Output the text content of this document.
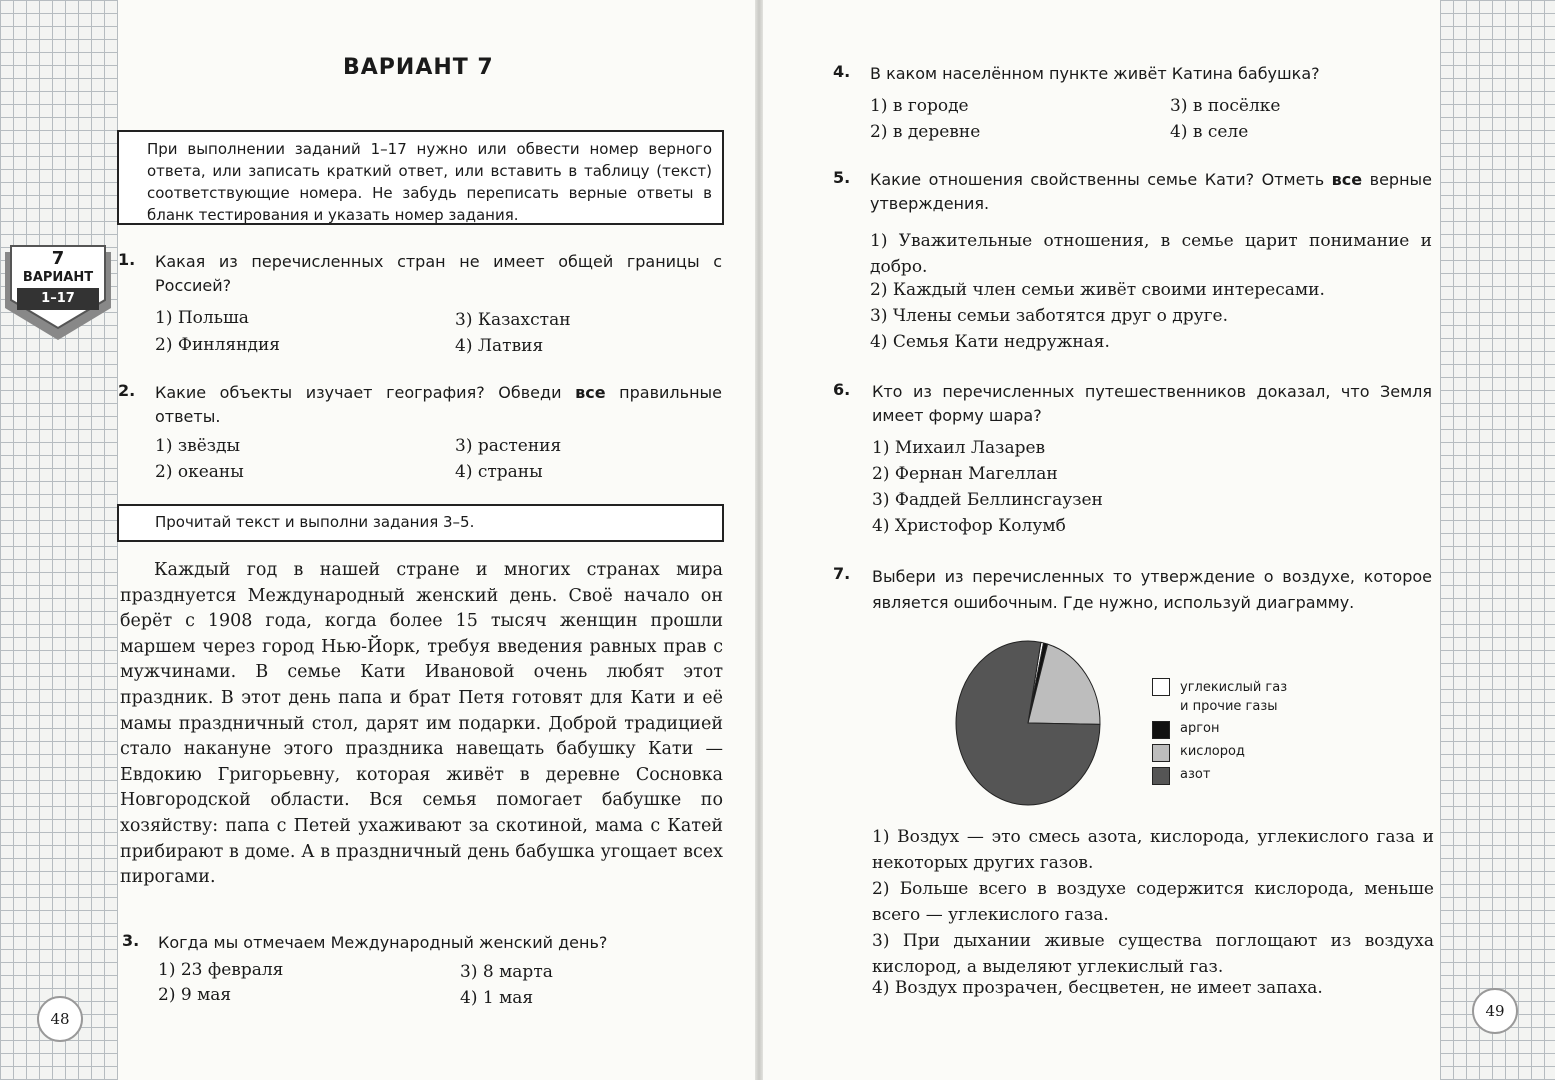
ВАРИАНТ 7
При выполнении заданий 1–17 нужно или обвести номер верного ответа, или записать краткий ответ, или вставить в таблицу (текст) соответствующие номера. Не забудь переписать верные ответы в бланк тестирования и указать номер задания.
7
ВАРИАНТ
1–17
1. Какая из перечисленных стран не имеет общей границы с Россией?
1) Польша
2) Финляндия
3) Казахстан
4) Латвия
2. Какие объекты изучает география? Обведи все правильные ответы.
1) звёзды
2) океаны
3) растения
4) страны
Прочитай текст и выполни задания 3–5.
Каждый год в нашей стране и многих странах мира празднуется Международный женский день. Своё начало он берёт с 1908 года, когда более 15 тысяч женщин прошли маршем через город Нью-Йорк, требуя введения равных прав с мужчинами. В семье Кати Ивановой очень любят этот праздник. В этот день папа и брат Петя готовят для Кати и её мамы праздничный стол, дарят им подарки. Доброй традицией стало накануне этого праздника навещать бабушку Кати — Евдокию Григорьевну, которая живёт в деревне Сосновка Новгородской области. Вся семья помогает бабушке по хозяйству: папа с Петей ухаживают за скотиной, мама с Катей прибирают в доме. А в праздничный день бабушка угощает всех пирогами.
3. Когда мы отмечаем Международный женский день?
1) 23 февраля
2) 9 мая
3) 8 марта
4) 1 мая
48
4. В каком населённом пункте живёт Катина бабушка?
1) в городе
2) в деревне
3) в посёлке
4) в селе
5. Какие отношения свойственны семье Кати? Отметь все верные утверждения.
1) Уважительные отношения, в семье царит понимание и добро.
2) Каждый член семьи живёт своими интересами.
3) Члены семьи заботятся друг о друге.
4) Семья Кати недружная.
6. Кто из перечисленных путешественников доказал, что Земля имеет форму шара?
1) Михаил Лазарев
2) Фернан Магеллан
3) Фаддей Беллинсгаузен
4) Христофор Колумб
7. Выбери из перечисленных то утверждение о воздухе, которое является ошибочным. Где нужно, используй диаграмму.
углекислый газ и прочие газы
аргон
кислород
азот
1) Воздух — это смесь азота, кислорода, углекислого газа и некоторых других газов.
2) Больше всего в воздухе содержится кислорода, меньше всего — углекислого газа.
3) При дыхании живые существа поглощают из воздуха кислород, а выделяют углекислый газ.
4) Воздух прозрачен, бесцветен, не имеет запаха.
49
